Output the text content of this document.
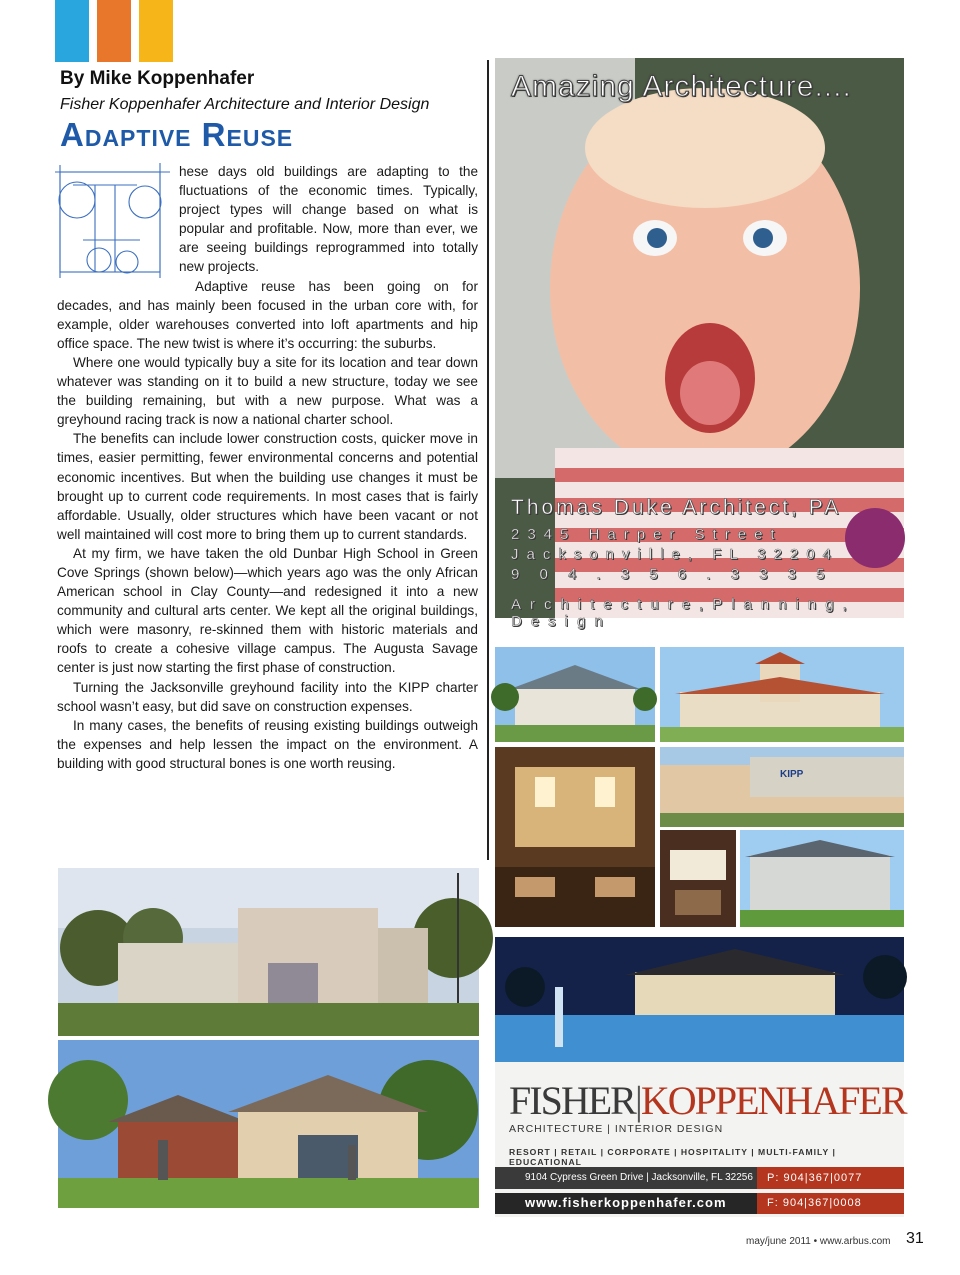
By Mike Koppenhafer
Fisher Koppenhafer Architecture and Interior Design
Adaptive Reuse

hese days old buildings are adapting to the fluctuations of the economic times. Typically, project types will change based on what is popular and profitable. Now, more than ever, we are seeing buildings reprogrammed into totally new projects.

Adaptive reuse has been going on for decades, and has mainly been focused in the urban core with, for example, older warehouses converted into loft apartments and hip office space. The new twist is where it’s occurring: the suburbs.

Where one would typically buy a site for its location and tear down whatever was standing on it to build a new structure, today we see the building remaining, but with a new purpose. What was a greyhound racing track is now a national charter school.

The benefits can include lower construction costs, quicker move in times, easier permitting, fewer environmental concerns and potential economic incentives. But when the building use changes it must be brought up to current code requirements. In most cases that is fairly affordable. Usually, older structures which have been vacant or not well maintained will cost more to bring them up to current standards.

At my firm, we have taken the old Dunbar High School in Green Cove Springs (shown below)—which years ago was the only African American school in Clay County—and redesigned it into a new community and cultural arts center. We kept all the original buildings, which were masonry, re-skinned them with historic materials and roofs to create a cohesive village campus. The Augusta Savage center is just now starting the first phase of construction.

Turning the Jacksonville greyhound facility into the KIPP charter school wasn’t easy, but did save on construction expenses.

In many cases, the benefits of reusing existing buildings outweigh the expenses and help lessen the impact on the environment. A building with good structural bones is one worth reusing.

Amazing Architecture....
Thomas Duke Architect, PA
2345 Harper Street
Jacksonville, FL 32204
9 0 4 . 3 5 6 . 3 3 3 5
Architecture,Planning, Design
KIPP
FISHER|KOPPENHAFER
ARCHITECTURE | INTERIOR DESIGN
RESORT | RETAIL | CORPORATE | HOSPITALITY | MULTI-FAMILY | EDUCATIONAL
9104 Cypress Green Drive | Jacksonville, FL 32256	P: 904|367|0077
www.fisherkoppenhafer.com	F: 904|367|0008
may/june 2011 • www.arbus.com 31
